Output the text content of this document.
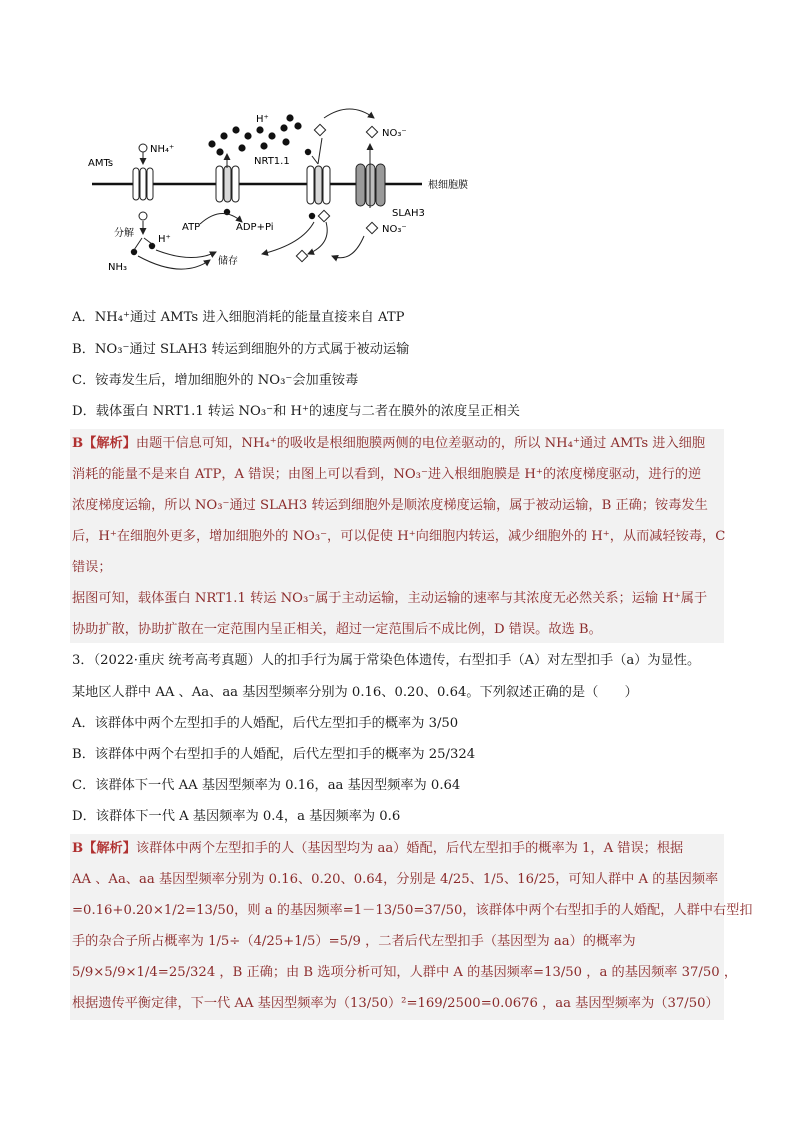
根细胞膜
AMTs
NH₄⁺
分解
NH₃
H⁺
储存
ATP	ADP+Pi
H⁺
NRT1.1
NO₃⁻
SLAH3
NO₃⁻
A．NH₄⁺通过 AMTs 进入细胞消耗的能量直接来自 ATP
B．NO₃⁻通过 SLAH3 转运到细胞外的方式属于被动运输
C．铵毒发生后，增加细胞外的 NO₃⁻会加重铵毒
D．载体蛋白 NRT1.1 转运 NO₃⁻和 H⁺的速度与二者在膜外的浓度呈正相关
B【解析】由题干信息可知，NH₄⁺的吸收是根细胞膜两侧的电位差驱动的，所以 NH₄⁺通过 AMTs 进入细胞
消耗的能量不是来自 ATP，A 错误；由图上可以看到，NO₃⁻进入根细胞膜是 H⁺的浓度梯度驱动，进行的逆
浓度梯度运输，所以 NO₃⁻通过 SLAH3 转运到细胞外是顺浓度梯度运输，属于被动运输，B 正确；铵毒发生
后，H⁺在细胞外更多，增加细胞外的 NO₃⁻，可以促使 H⁺向细胞内转运，减少细胞外的 H⁺，从而减轻铵毒，C
错误；
据图可知，载体蛋白 NRT1.1 转运 NO₃⁻属于主动运输，主动运输的速率与其浓度无必然关系；运输 H⁺属于
协助扩散，协助扩散在一定范围内呈正相关，超过一定范围后不成比例，D 错误。故选 B。
3．（2022·重庆 统考高考真题）人的扣手行为属于常染色体遗传，右型扣手（A）对左型扣手（a）为显性。
某地区人群中 AA 、Aa、aa 基因型频率分别为 0.16、0.20、0.64。下列叙述正确的是（　　）
A．该群体中两个左型扣手的人婚配，后代左型扣手的概率为 3/50
B．该群体中两个右型扣手的人婚配，后代左型扣手的概率为 25/324
C．该群体下一代 AA 基因型频率为 0.16，aa 基因型频率为 0.64
D．该群体下一代 A 基因频率为 0.4，a 基因频率为 0.6
B【解析】该群体中两个左型扣手的人（基因型均为 aa）婚配，后代左型扣手的概率为 1，A 错误；根据
AA 、Aa、aa 基因型频率分别为 0.16、0.20、0.64，分别是 4/25、1/5、16/25，可知人群中 A 的基因频率
=0.16+0.20×1/2=13/50，则 a 的基因频率=1－13/50=37/50，该群体中两个右型扣手的人婚配，人群中右型扣
手的杂合子所占概率为 1/5÷（4/25+1/5）=5/9 ，二者后代左型扣手（基因型为 aa）的概率为
5/9×5/9×1/4=25/324 ，B 正确；由 B 选项分析可知，人群中 A 的基因频率=13/50 ，a 的基因频率 37/50 ，
根据遗传平衡定律，下一代 AA 基因型频率为（13/50）²=169/2500=0.0676 ，aa 基因型频率为（37/50）
